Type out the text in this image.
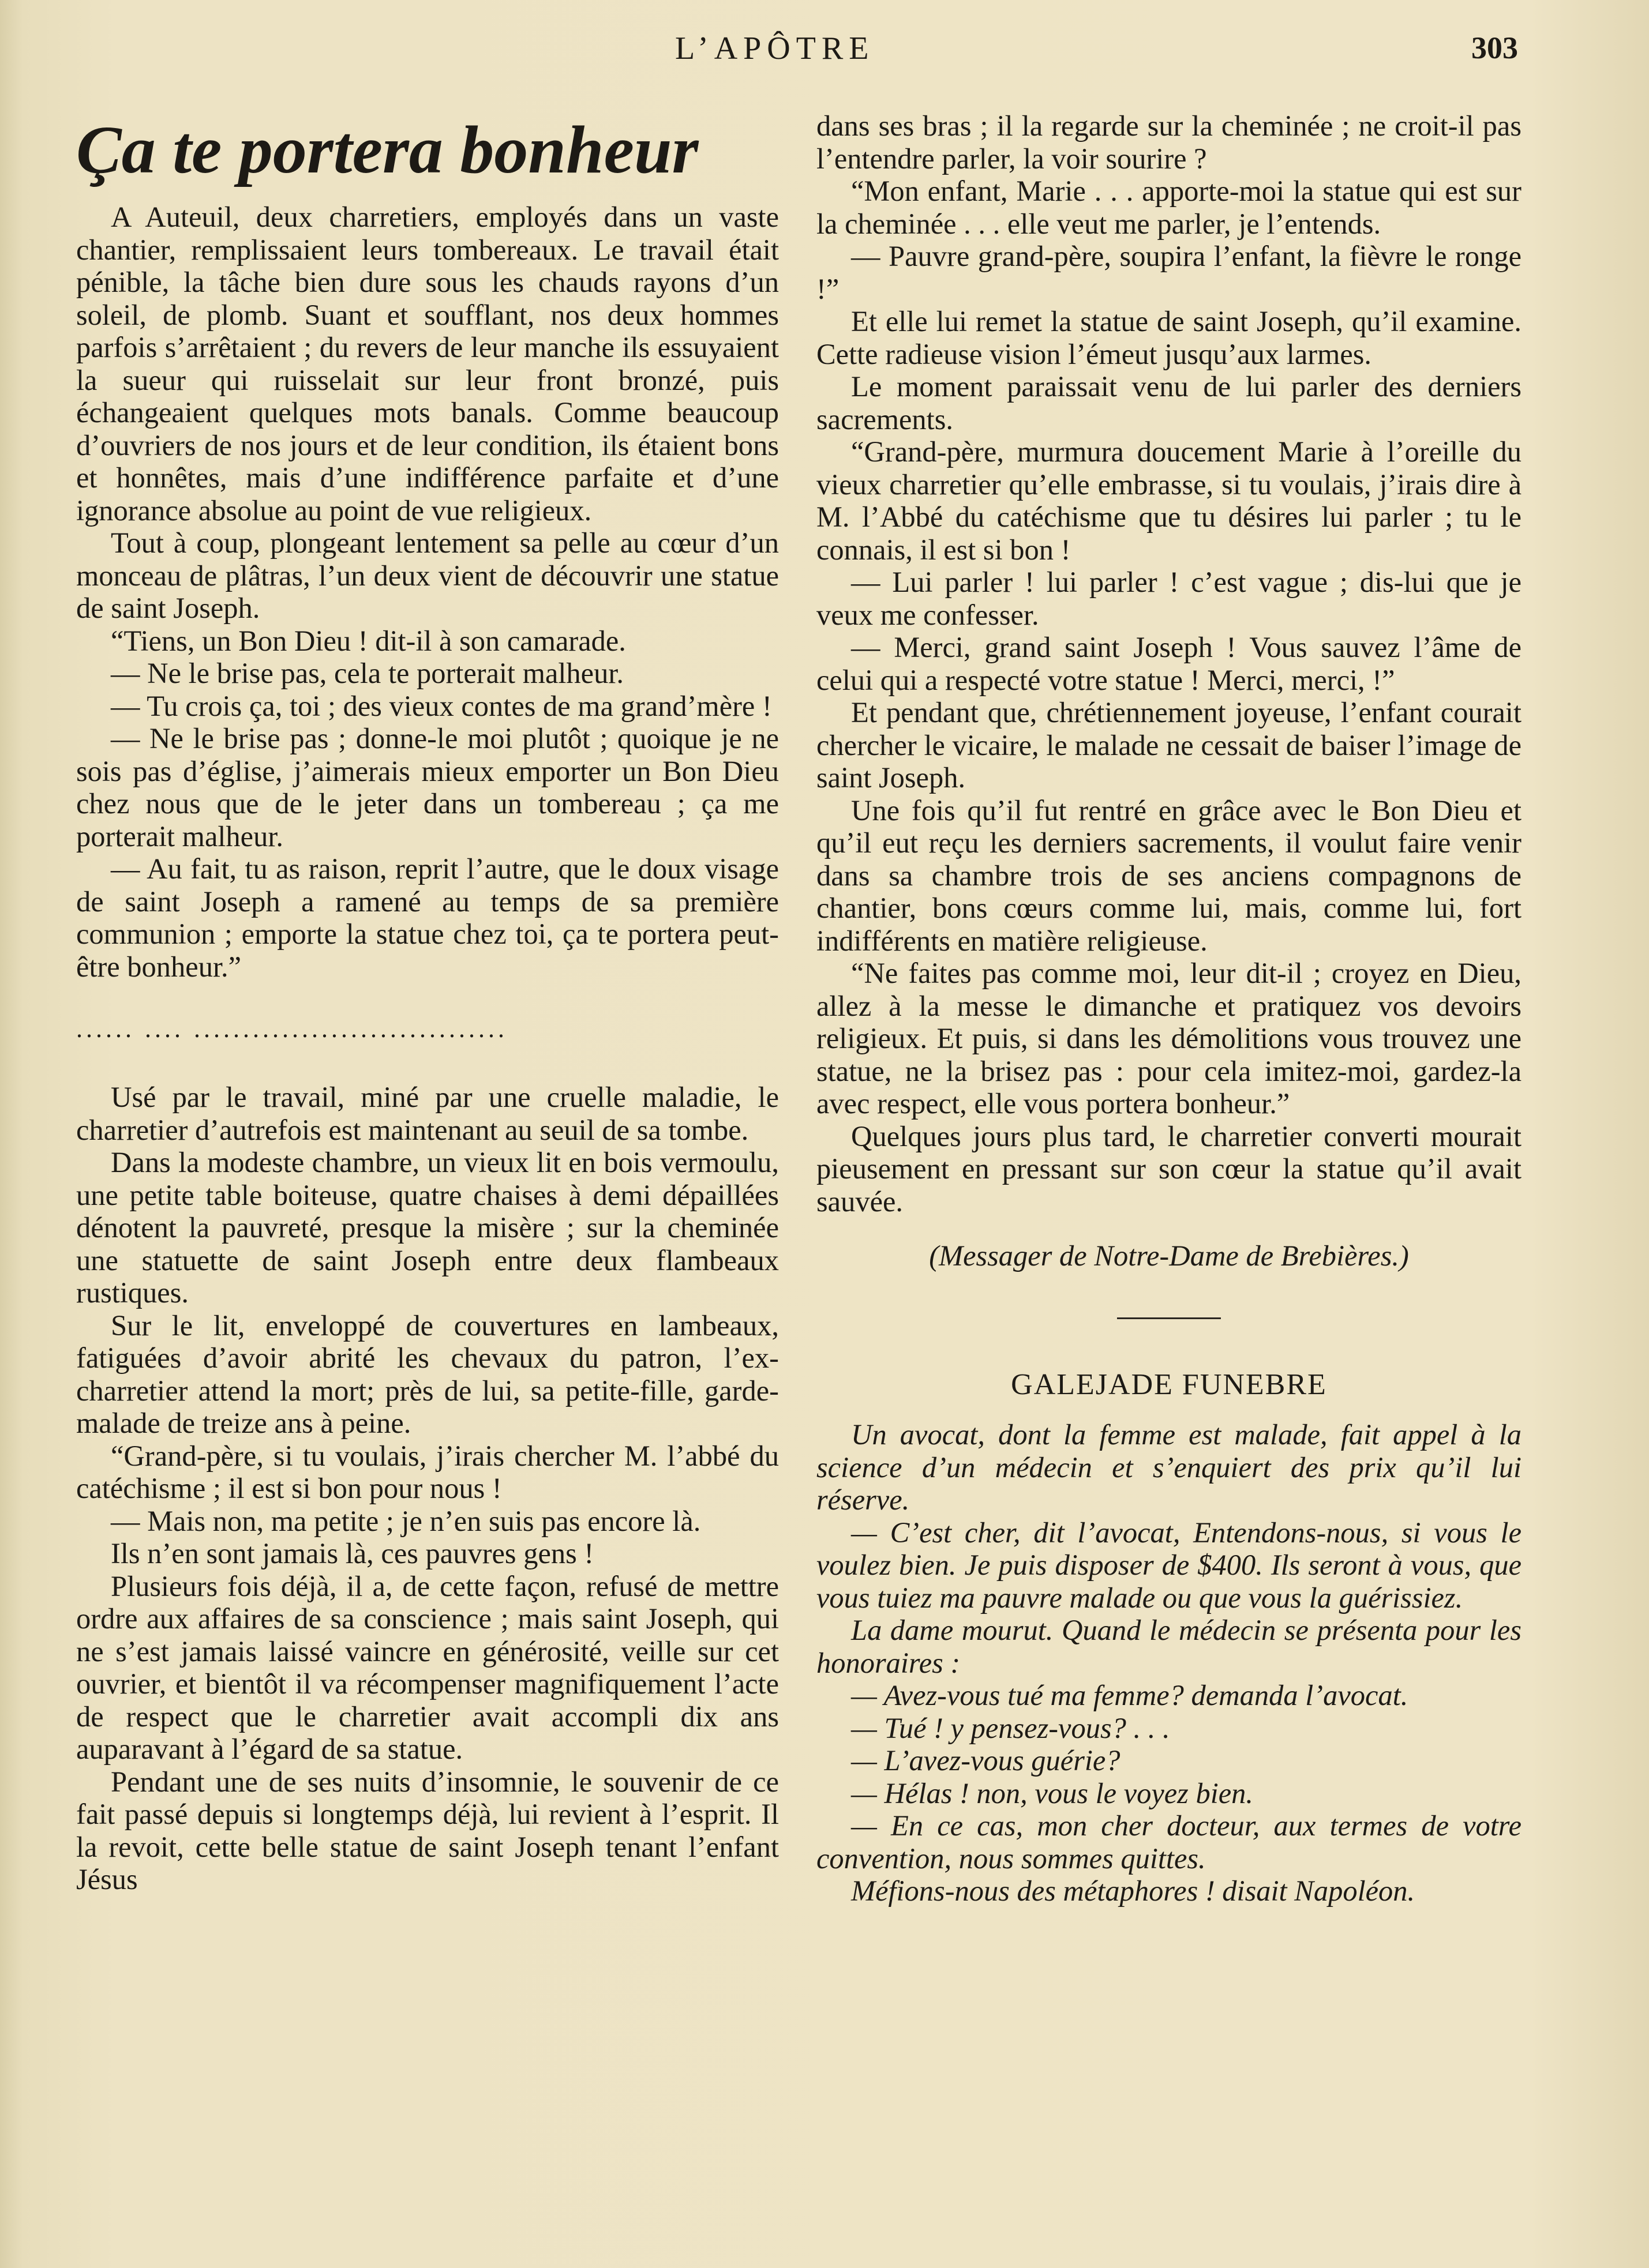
L’APÔTRE	303
Ça te portera bonheur

A Auteuil, deux charretiers, employés dans un vaste chantier, remplissaient leurs tombereaux. Le travail était pénible, la tâche bien dure sous les chauds rayons d’un soleil, de plomb. Suant et soufflant, nos deux hommes parfois s’arrêtaient ; du revers de leur manche ils essuyaient la sueur qui ruisselait sur leur front bronzé, puis échangeaient quelques mots banals. Comme beaucoup d’ouvriers de nos jours et de leur condition, ils étaient bons et honnêtes, mais d’une indifférence parfaite et d’une ignorance absolue au point de vue religieux.

Tout à coup, plongeant lentement sa pelle au cœur d’un monceau de plâtras, l’un deux vient de découvrir une statue de saint Joseph.

“Tiens, un Bon Dieu ! dit-il à son camarade.

— Ne le brise pas, cela te porterait malheur.

— Tu crois ça, toi ; des vieux contes de ma grand’mère !

— Ne le brise pas ; donne-le moi plutôt ; quoique je ne sois pas d’église, j’aimerais mieux emporter un Bon Dieu chez nous que de le jeter dans un tombereau ; ça me porterait malheur.

— Au fait, tu as raison, reprit l’autre, que le doux visage de saint Joseph a ramené au temps de sa première communion ; emporte la statue chez toi, ça te portera peut-être bonheur.”

...... .... ................................

Usé par le travail, miné par une cruelle maladie, le charretier d’autrefois est maintenant au seuil de sa tombe.

Dans la modeste chambre, un vieux lit en bois vermoulu, une petite table boiteuse, quatre chaises à demi dépaillées dénotent la pauvreté, presque la misère ; sur la cheminée une statuette de saint Joseph entre deux flambeaux rustiques.

Sur le lit, enveloppé de couvertures en lambeaux, fatiguées d’avoir abrité les chevaux du patron, l’ex-charretier attend la mort; près de lui, sa petite-fille, garde-malade de treize ans à peine.

“Grand-père, si tu voulais, j’irais chercher M. l’abbé du catéchisme ; il est si bon pour nous !

— Mais non, ma petite ; je n’en suis pas encore là.

Ils n’en sont jamais là, ces pauvres gens !

Plusieurs fois déjà, il a, de cette façon, refusé de mettre ordre aux affaires de sa conscience ; mais saint Joseph, qui ne s’est jamais laissé vaincre en générosité, veille sur cet ouvrier, et bientôt il va récompenser magnifiquement l’acte de respect que le charretier avait accompli dix ans auparavant à l’égard de sa statue.

Pendant une de ses nuits d’insomnie, le souvenir de ce fait passé depuis si longtemps déjà, lui revient à l’esprit. Il la revoit, cette belle statue de saint Joseph tenant l’enfant Jésus

dans ses bras ; il la regarde sur la cheminée ; ne croit-il pas l’entendre parler, la voir sourire ?

“Mon enfant, Marie . . . apporte-moi la statue qui est sur la cheminée . . . elle veut me parler, je l’entends.

— Pauvre grand-père, soupira l’enfant, la fièvre le ronge !”

Et elle lui remet la statue de saint Joseph, qu’il examine. Cette radieuse vision l’émeut jusqu’aux larmes.

Le moment paraissait venu de lui parler des derniers sacrements.

“Grand-père, murmura doucement Marie à l’oreille du vieux charretier qu’elle embrasse, si tu voulais, j’irais dire à M. l’Abbé du catéchisme que tu désires lui parler ; tu le connais, il est si bon !

— Lui parler ! lui parler ! c’est vague ; dis-lui que je veux me confesser.

— Merci, grand saint Joseph ! Vous sauvez l’âme de celui qui a respecté votre statue ! Merci, merci, !”

Et pendant que, chrétiennement joyeuse, l’enfant courait chercher le vicaire, le malade ne cessait de baiser l’image de saint Joseph.

Une fois qu’il fut rentré en grâce avec le Bon Dieu et qu’il eut reçu les derniers sacrements, il voulut faire venir dans sa chambre trois de ses anciens compagnons de chantier, bons cœurs comme lui, mais, comme lui, fort indifférents en matière religieuse.

“Ne faites pas comme moi, leur dit-il ; croyez en Dieu, allez à la messe le dimanche et pratiquez vos devoirs religieux. Et puis, si dans les démolitions vous trouvez une statue, ne la brisez pas : pour cela imitez-moi, gardez-la avec respect, elle vous portera bonheur.”

Quelques jours plus tard, le charretier converti mourait pieusement en pressant sur son cœur la statue qu’il avait sauvée.

(Messager de Notre-Dame de Brebières.)

GALEJADE FUNEBRE

Un avocat, dont la femme est malade, fait appel à la science d’un médecin et s’enquiert des prix qu’il lui réserve.

— C’est cher, dit l’avocat, Entendons-nous, si vous le voulez bien. Je puis disposer de $400. Ils seront à vous, que vous tuiez ma pauvre malade ou que vous la guérissiez.

La dame mourut. Quand le médecin se présenta pour les honoraires :

— Avez-vous tué ma femme? demanda l’avocat.

— Tué ! y pensez-vous? . . .

— L’avez-vous guérie?

— Hélas ! non, vous le voyez bien.

— En ce cas, mon cher docteur, aux termes de votre convention, nous sommes quittes.

Méfions-nous des métaphores ! disait Napoléon.
